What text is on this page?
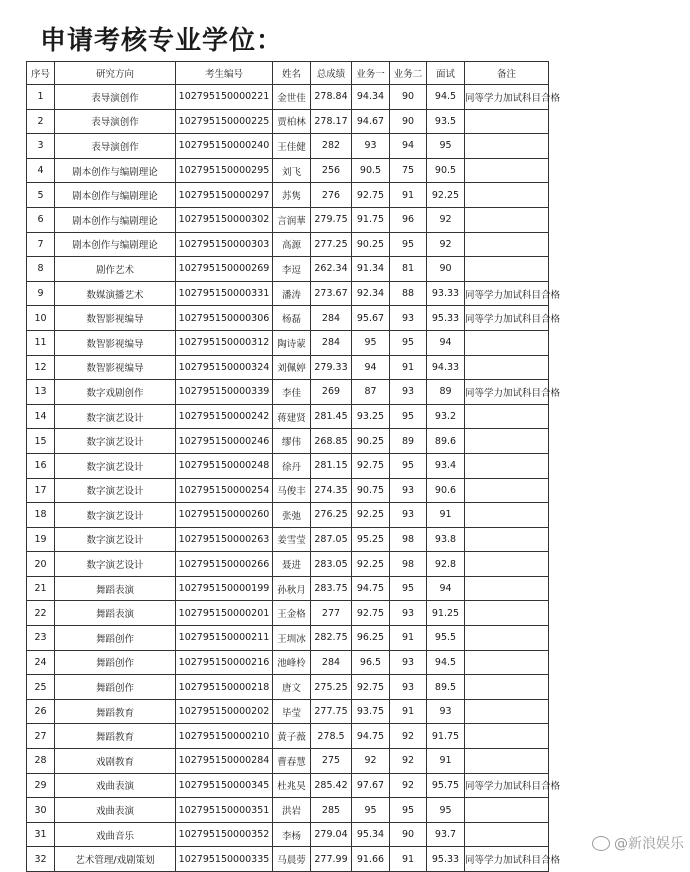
申请考核专业学位：
序号	研究方向	考生编号	姓名	总成绩	业务一	业务二	面试	备注
1	表导演创作	102795150000221	金世佳	278.84	94.34	90	94.5	同等学力加试科目合格
2	表导演创作	102795150000225	贾柏林	278.17	94.67	90	93.5	
3	表导演创作	102795150000240	王佳健	282	93	94	95	
4	剧本创作与编剧理论	102795150000295	刘飞	256	90.5	75	90.5	
5	剧本创作与编剧理论	102795150000297	苏隽	276	92.75	91	92.25	
6	剧本创作与编剧理论	102795150000302	言润華	279.75	91.75	96	92	
7	剧本创作与编剧理论	102795150000303	高源	277.25	90.25	95	92	
8	剧作艺术	102795150000269	李逗	262.34	91.34	81	90	
9	数媒演播艺术	102795150000331	潘涛	273.67	92.34	88	93.33	同等学力加试科目合格
10	数智影视编导	102795150000306	杨磊	284	95.67	93	95.33	同等学力加试科目合格
11	数智影视编导	102795150000312	陶诗蒙	284	95	95	94	
12	数智影视编导	102795150000324	刘佩婷	279.33	94	91	94.33	
13	数字戏剧创作	102795150000339	李佳	269	87	93	89	同等学力加试科目合格
14	数字演艺设计	102795150000242	蒋建贤	281.45	93.25	95	93.2	
15	数字演艺设计	102795150000246	缪伟	268.85	90.25	89	89.6	
16	数字演艺设计	102795150000248	徐丹	281.15	92.75	95	93.4	
17	数字演艺设计	102795150000254	马俊丰	274.35	90.75	93	90.6	
18	数字演艺设计	102795150000260	张弛	276.25	92.25	93	91	
19	数字演艺设计	102795150000263	姜雪莹	287.05	95.25	98	93.8	
20	数字演艺设计	102795150000266	聂进	283.05	92.25	98	92.8	
21	舞蹈表演	102795150000199	孙秋月	283.75	94.75	95	94	
22	舞蹈表演	102795150000201	王金格	277	92.75	93	91.25	
23	舞蹈创作	102795150000211	王圳冰	282.75	96.25	91	95.5	
24	舞蹈创作	102795150000216	池峰柃	284	96.5	93	94.5	
25	舞蹈创作	102795150000218	唐文	275.25	92.75	93	89.5	
26	舞蹈教育	102795150000202	毕莹	277.75	93.75	91	93	
27	舞蹈教育	102795150000210	黄子薇	278.5	94.75	92	91.75	
28	戏剧教育	102795150000284	曹春慧	275	92	92	91	
29	戏曲表演	102795150000345	杜兆昊	285.42	97.67	92	95.75	同等学力加试科目合格
30	戏曲表演	102795150000351	洪岩	285	95	95	95	
31	戏曲音乐	102795150000352	李杨	279.04	95.34	90	93.7	
32	艺术管理/戏剧策划	102795150000335	马晨蒡	277.99	91.66	91	95.33	同等学力加试科目合格
@新浪娱乐
